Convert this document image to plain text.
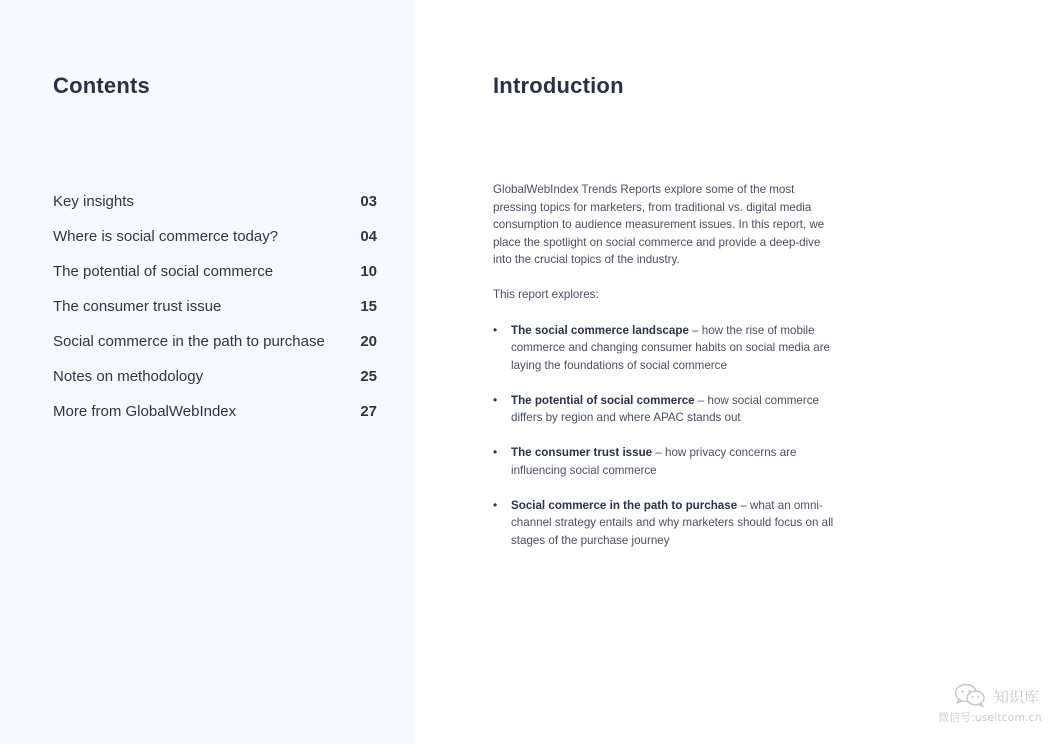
Contents
Key insights	03
Where is social commerce today?	04
The potential of social commerce	10
The consumer trust issue	15
Social commerce in the path to purchase 20
Notes on methodology	25
More from GlobalWebIndex	27
Introduction

GlobalWebIndex Trends Reports explore some of the most pressing topics for marketers, from traditional vs. digital media consumption to audience measurement issues. In this report, we place the spotlight on social commerce and provide a deep-dive into the crucial topics of the industry.

This report explores:

• The social commerce landscape – how the rise of mobile commerce and changing consumer habits on social media are laying the foundations of social commerce
• The potential of social commerce – how social commerce differs by region and where APAC stands out
• The consumer trust issue – how privacy concerns are influencing social commerce
• Social commerce in the path to purchase – what an omni-channel strategy entails and why marketers should focus on all stages of the purchase journey
知识库
微信号:useitcom.cn
